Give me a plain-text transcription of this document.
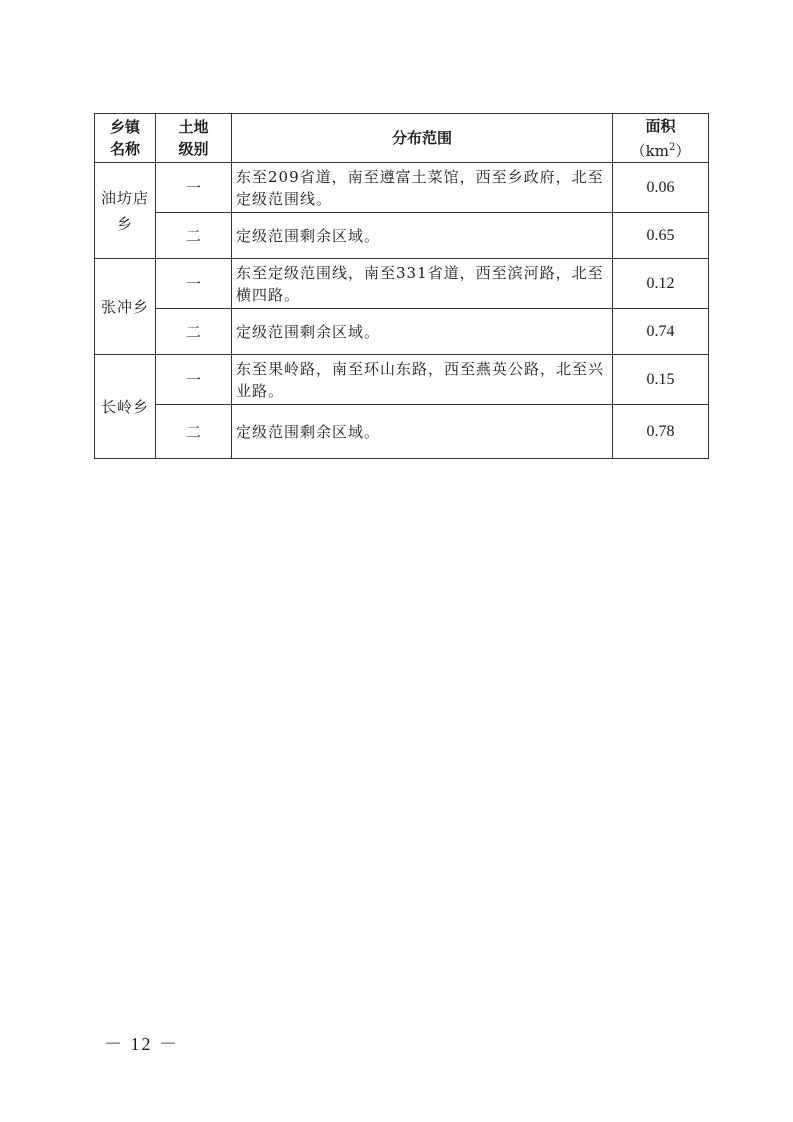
乡镇名称	土地级别	分布范围	面积
$(km^2)$

油坊店乡	一	东至209省道，南至遵富土菜馆，西至乡政府，北至定级范围线。	0.06
	二	定级范围剩余区域。	0.65

张冲乡	一	东至定级范围线，南至331省道，西至滨河路，北至横四路。	0.12
	二	定级范围剩余区域。	0.74

长岭乡	一	东至果岭路，南至环山东路，西至燕英公路，北至兴业路。	0.15
	二	定级范围剩余区域。	0.78
－ 12 －
